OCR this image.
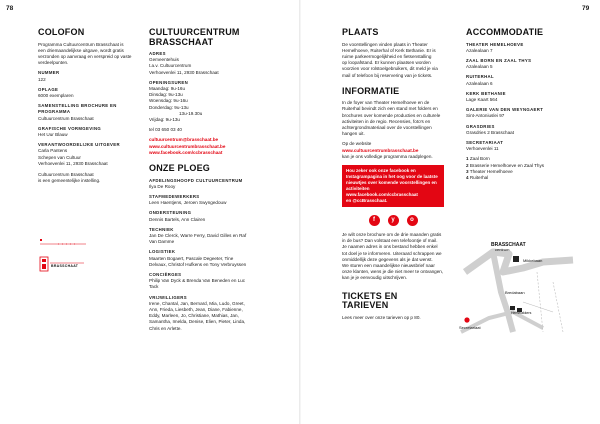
78	79
COLOFON
Programma Cultuurcentrum Brasschaat is
een driemaandelijkse uitgave, wordt gratis
verzonden op aanvraag en verspreid op vaste
verdeelpunten.
NUMMER
122
OPLAGE
6000 exemplaren
SAMENSTELLING BROCHURE EN PROGRAMMA
Cultuurcentrum Brasschaat
GRAFISCHE VORMGEVING
Het Uur Blauw
VERANTWOORDELIJKE UITGEVER
Carla Pantens
Schepen van Cultuur
Verhoevenlei 11, 2930 Brasschaat
Cultuurcentrum Brasschaat
is een gemeentelijke instelling.
BRASSCHAAT
CULTUURCENTRUM
BRASSCHAAT
ADRES
Gemeentehuis
t.a.v. Cultuurcentrum
Verhoevenlei 11, 2930 Brasschaat
OPENINGSUREN
Maandag: 9u-16u
Dinsdag: 9u-13u
Woensdag: 9u-16u
Donderdag: 9u-13u
13u-19.30u
Vrijdag: 9u-13u
tel 03 650 03 40
cultuurcentrum@brasschaat.be
www.cultuurcentrumbrasschaat.be
www.facebook.com/ccbrasschaat
ONZE PLOEG
AFDELINGSHOOFD CULTUURCENTRUM
Ilya De Rooy
STAFMEDEWERKERS
Leen Haentjens, Jeroen Swyngedouw
ONDERSTEUNING
Dennis Bartels, Ann Clairen
TECHNIEK
Jan De Clerck, Warre Ferry, David Gilles en Raf
Van Damme
LOGISTIEK
Maarten Bogaert, Pascale Degeeter, Tine
Delvaux, Christof Hufkens en Tony Verbruyssen
CONCIËRGES
Philip Van Dyck & Brenda Van Beneden en Luc
Tack
VRIJWILLIGERS
Irene, Chantal, Jan, Bernard, Mia, Ludo, Greet,
Ann, Frieda, Liesbeth, Jean, Diane, Fabienne,
Eddy, Marleen, Jo, Christiane, Mathias, Jan,
Samantha, Imelda, Denise, Elien, Pieter, Linda,
Chris en Arlette.
PLAATS
De voorstellingen vinden plaats in Theater
Hemelhoeve, Ruiterhal of Kerk Bethanie. Er is
ruime parkeermogelijkheid en fietsenstalling
op loopafstand. Er kunnen plaatsen worden
voorzien voor rolstoelgebruikers, dit meld je via
mail of telefoon bij reservering van je tickets.
INFORMATIE
In de foyer van Theater Hemelhoeve en de
Ruiterhal bevindt zich een stand met folders en
brochures over komende producties en culturele
activiteiten in de regio. Recensies, foto's en
achtergrondmateriaal over de voorstellingen
hangen uit.
Op de website www.cultuurcentrumbrasschaat.be
kan je ons volledige programma raadplegen.
Hou zeker ook onze facebook en
Instagrampagina in het oog voor de laatste
nieuwtjes over komende voorstellingen en
activiteiten www.facebook.com/ccbrasschaat
en @ccBrasschaat.
f	y	o
Je wilt onze brochure om de drie maanden gratis
in de bus? Dan volstaat een telefoontje of mail.
Je naamen adres in ons bestand hebben enkel
tot doel je te informeren. Uiteraard schrappen we
onmiddellijk deze gegevens als je dat wenst.
We sturen een maandelijkse nieuwsbrief naar
onze klanten, wens je die niet meer te ontvangen,
kan je je eenvoudig uitschrijven.
TICKETS EN TARIEVEN
Lees meer over onze tarieven op p 80.
ACCOMMODATIE
THEATER HEMELHOEVE
Azalealaan 7
ZAAL BORN EN ZAAL THYS
Azalealaan 5
RUITERHAL
Azalealaan 6
KERK BETHANIE
Lage Kaart 564
GALERIE VAN DEN WEYNGAERT
Sint-Antoniuslei 97
GRASDRIES
Grasdries 2 Brasschaat
SECRETARIAAT
Verhoevenlei 11
1 Zaal Born
2 Brasserie Hemelhoeve en Zaal Thys
3 Theater Hemelhoeve
4 Ruiterhal
BRASSCHAAT
centrum
Mikkebaan
Bredabaan
Hemelakkers
Secretariaat
